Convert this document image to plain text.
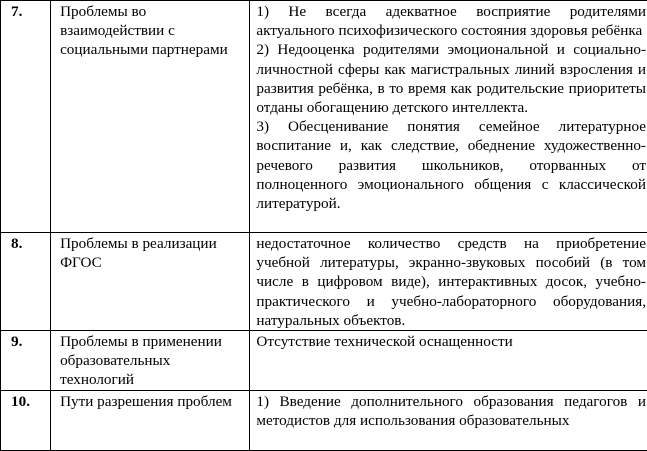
7.	Проблемы во взаимодействии с социальными партнерами	1) Не всегда адекватное восприятие родителями актуального психофизического состояния здоровья ребёнка

2) Недооценка родителями эмоциональной и социально-личностной сферы как магистральных линий взросления и развития ребёнка, в то время как родительские приоритеты отданы обогащению детского интеллекта.

3) Обесценивание понятия семейное литературное воспитание и, как следствие, обеднение художественно-речевого развития школьников, оторванных от полноценного эмоционального общения с классической литературой.

8.	Проблемы в реализации ФГОС	недостаточное количество средств на приобретение учебной литературы, экранно-звуковых пособий (в том числе в цифровом виде), интерактивных досок, учебно-практического и учебно-лабораторного оборудования, натуральных объектов.

9.	Проблемы в применении образовательных технологий	Отсутствие технической оснащенности

10.	Пути разрешения проблем	1) Введение дополнительного образования педагогов и методистов для использования образовательных
